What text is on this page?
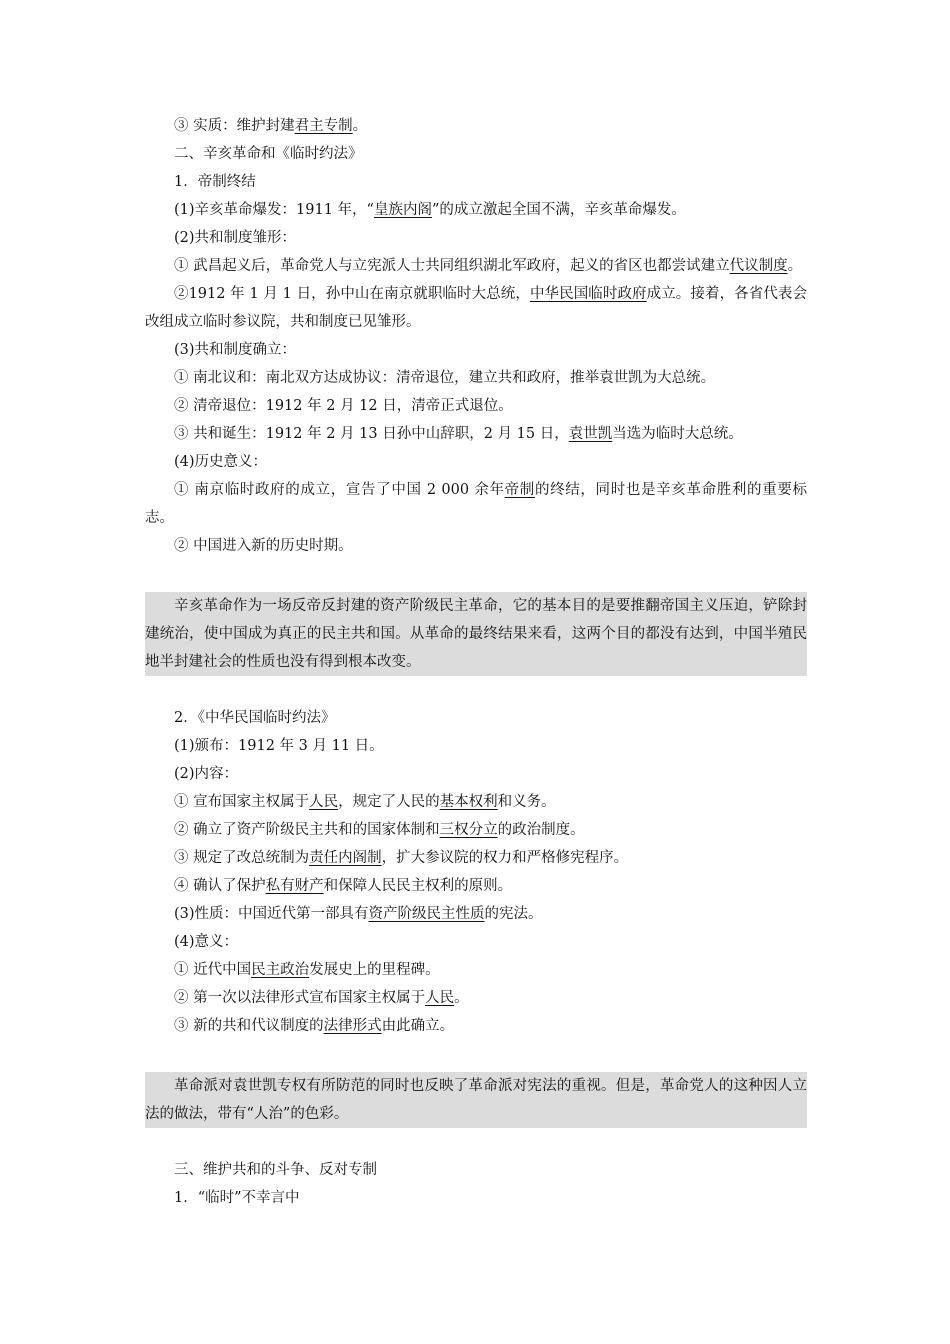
③ 实质：维护封建君主专制。

二、辛亥革命和《临时约法》

1．帝制终结

(1)辛亥革命爆发：1911 年，“皇族内阁”的成立激起全国不满，辛亥革命爆发。

(2)共和制度雏形：

① 武昌起义后，革命党人与立宪派人士共同组织湖北军政府，起义的省区也都尝试建立代议制度。

②1912 年 1 月 1 日，孙中山在南京就职临时大总统，中华民国临时政府成立。接着，各省代表会改组成立临时参议院，共和制度已见雏形。

(3)共和制度确立：

① 南北议和：南北双方达成协议：清帝退位，建立共和政府，推举袁世凯为大总统。

② 清帝退位：1912 年 2 月 12 日，清帝正式退位。

③ 共和诞生：1912 年 2 月 13 日孙中山辞职，2 月 15 日，袁世凯当选为临时大总统。

(4)历史意义：

① 南京临时政府的成立，宣告了中国 2 000 余年帝制的终结，同时也是辛亥革命胜利的重要标志。

② 中国进入新的历史时期。

辛亥革命作为一场反帝反封建的资产阶级民主革命，它的基本目的是要推翻帝国主义压迫，铲除封建统治，使中国成为真正的民主共和国。从革命的最终结果来看，这两个目的都没有达到，中国半殖民地半封建社会的性质也没有得到根本改变。

2．《中华民国临时约法》

(1)颁布：1912 年 3 月 11 日。

(2)内容：

① 宣布国家主权属于人民，规定了人民的基本权利和义务。

② 确立了资产阶级民主共和的国家体制和三权分立的政治制度。

③ 规定了改总统制为责任内阁制，扩大参议院的权力和严格修宪程序。

④ 确认了保护私有财产和保障人民民主权利的原则。

(3)性质：中国近代第一部具有资产阶级民主性质的宪法。

(4)意义：

① 近代中国民主政治发展史上的里程碑。

② 第一次以法律形式宣布国家主权属于人民。

③ 新的共和代议制度的法律形式由此确立。

革命派对袁世凯专权有所防范的同时也反映了革命派对宪法的重视。但是，革命党人的这种因人立法的做法，带有“人治”的色彩。

三、维护共和的斗争、反对专制

1．“临时”不幸言中
